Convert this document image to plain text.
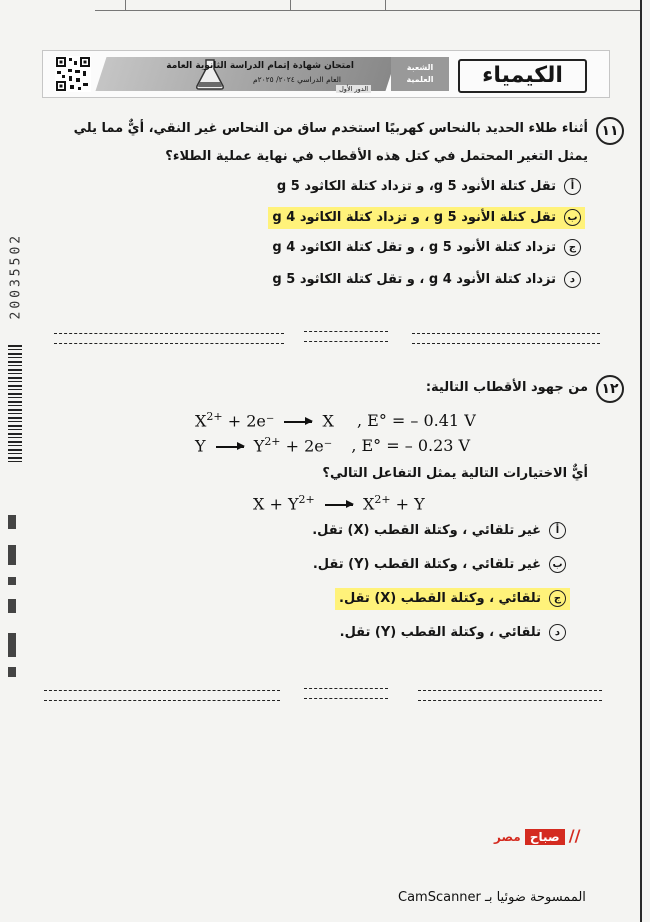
امتحان شهادة إتمام الدراسة الثانوية العامة
العام الدراسي ٢٠٢٤/ ٢٠٢٥م
الدور الأول
الشعبة
العلمية	الكيمياء
20035502
١١
أثناء طلاء الحديد بالنحاس كهربيًا استخدم ساق من النحاس غير النقي، أيٌّ مما يلي
يمثل التغير المحتمل في كتل هذه الأقطاب في نهاية عملية الطلاء؟
أتقل كتلة الأنود g 5، و تزداد كتلة الكاثود g 5
بتقل كتلة الأنود g 5 ، و تزداد كتلة الكاثود g 4
جتزداد كتلة الأنود g 5 ، و تقل كتلة الكاثود g 4
دتزداد كتلة الأنود g 4 ، و تقل كتلة الكاثود g 5
١٢
من جهود الأقطاب التالية:
$X^{2+} + 2e^- \to X$ , E° = – 0.41 V
$Y \to Y^{2+} + 2e^-$ , E° = – 0.23 V
أيٌّ الاختيارات التالية يمثل التفاعل التالي؟
$X + Y^{2+} \to X^{2+} + Y$
أغير تلقائي ، وكتلة القطب (X) تقل.
بغير تلقائي ، وكتلة القطب (Y) تقل.
جتلقائي ، وكتلة القطب (X) تقل.
دتلقائي ، وكتلة القطب (Y) تقل.
// صباح مصر
الممسوحة ضوئيا بـ CamScanner
